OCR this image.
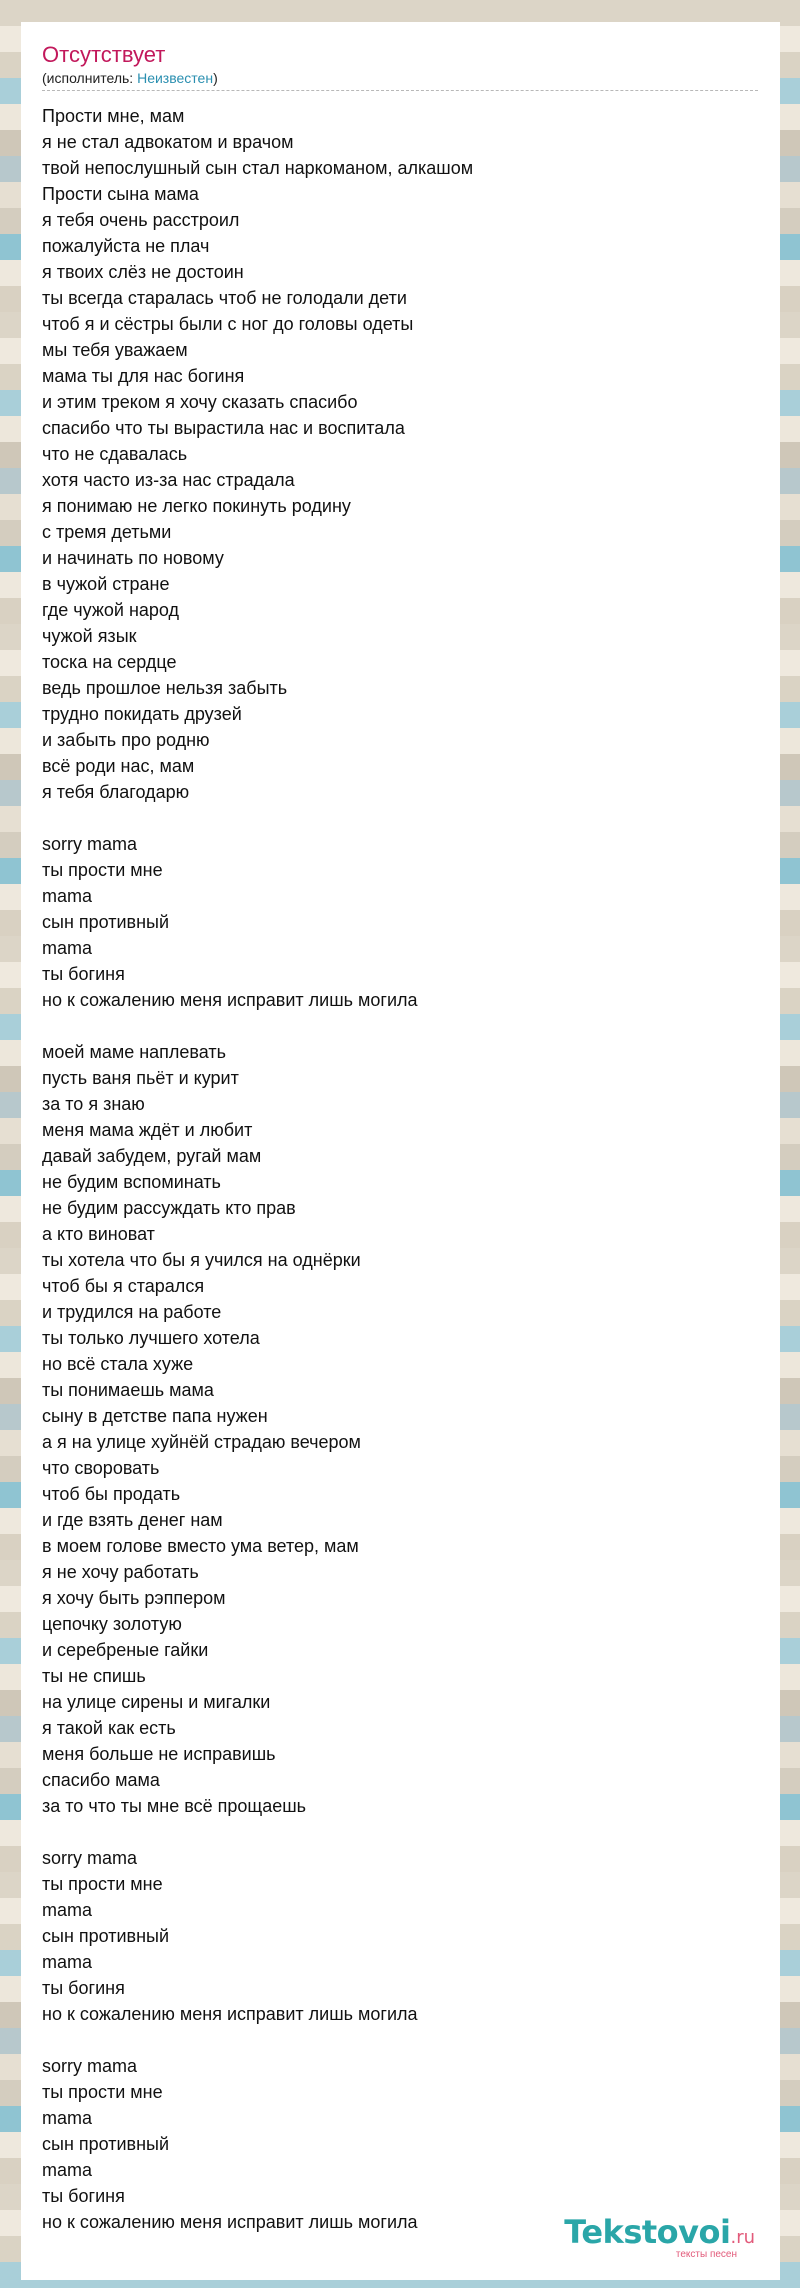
Отсутствует
(исполнитель: Неизвестен)
Прости мне, мам
я не стал адвокатом и врачом
твой непослушный сын стал наркоманом, алкашом
Прости сына мама
я тебя очень расстроил
пожалуйста не плач
я твоих слёз не достоин
ты всегда старалась чтоб не голодали дети
чтоб я и сёстры были с ног до головы одеты
мы тебя уважаем
мама ты для нас богиня
и этим треком я хочу сказать спасибо
спасибо что ты вырастила нас и воспитала
что не сдавалась
хотя часто из-за нас страдала
я понимаю не легко покинуть родину
с тремя детьми
и начинать по новому
в чужой стране
где чужой народ
чужой язык
тоска на сердце
ведь прошлое нельзя забыть
трудно покидать друзей
и забыть про родню
всё роди нас, мам
я тебя благодарю
sorry mama
ты прости мне
mama
сын противный
mama
ты богиня
но к сожалению меня исправит лишь могила
моей маме наплевать
пусть ваня пьёт и курит
за то я знаю
меня мама ждёт и любит
давай забудем, ругай мам
не будим вспоминать
не будим рассуждать кто прав
а кто виноват
ты хотела что бы я учился на однёрки
чтоб бы я старался
и трудился на работе
ты только лучшего хотела
но всё стала хуже
ты понимаешь мама
сыну в детстве папа нужен
а я на улице хуйнёй страдаю вечером
что своровать
чтоб бы продать
и где взять денег нам
в моем голове вместо ума ветер, мам
я не хочу работать
я хочу быть рэппером
цепочку золотую
и серебреные гайки
ты не спишь
на улице сирены и мигалки
я такой как есть
меня больше не исправишь
спасибо мама
за то что ты мне всё прощаешь
sorry mama
ты прости мне
mama
сын противный
mama
ты богиня
но к сожалению меня исправит лишь могила
sorry mama
ты прости мне
mama
сын противный
mama
ты богиня
но к сожалению меня исправит лишь могила	Tekstovoi.ru
тексты песен
